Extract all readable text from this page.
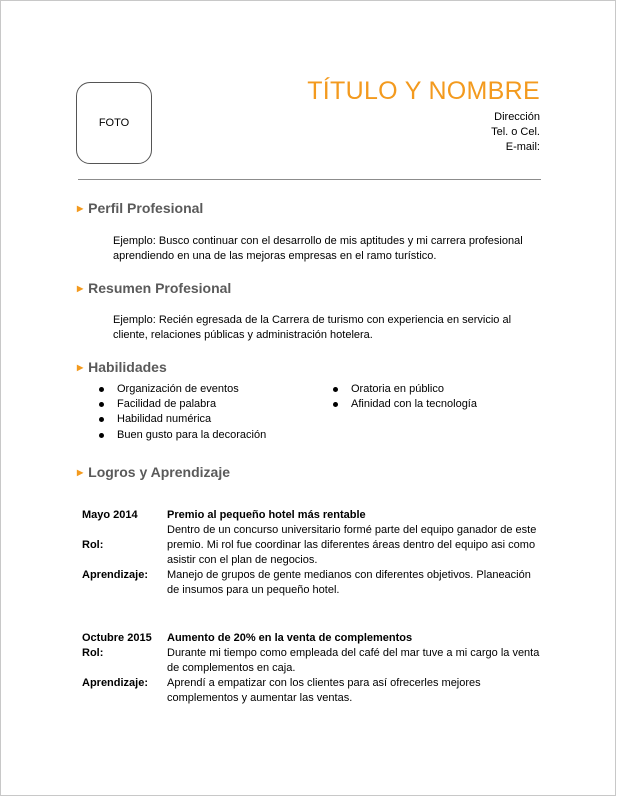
FOTO
TÍTULO Y NOMBRE
Dirección
Tel. o Cel.
E-mail:
▶ Perfil Profesional
Ejemplo: Busco continuar con el desarrollo de mis aptitudes y mi carrera profesional aprendiendo en una de las mejoras empresas en el ramo turístico.
▶ Resumen Profesional
Ejemplo: Recién egresada de la Carrera de turismo con experiencia en servicio al cliente, relaciones públicas y administración hotelera.
▶ Habilidades
Organización de eventos
Facilidad de palabra
Habilidad numérica
Buen gusto para la decoración
Oratoria en público
Afinidad con la tecnología
▶ Logros y Aprendizaje
Mayo 2014	Premio al pequeño hotel más rentable
Dentro de un concurso universitario formé parte del equipo ganador de este
Rol:	premio. Mi rol fue coordinar las diferentes áreas dentro del equipo asi como asistir con el plan de negocios.
Aprendizaje:	Manejo de grupos de gente medianos con diferentes objetivos. Planeación de insumos para un pequeño hotel.
Octubre 2015	Aumento de 20% en la venta de complementos
Rol:	Durante mi tiempo como empleada del café del mar tuve a mi cargo la venta de complementos en caja.
Aprendizaje:	Aprendí a empatizar con los clientes para así ofrecerles mejores complementos y aumentar las ventas.
